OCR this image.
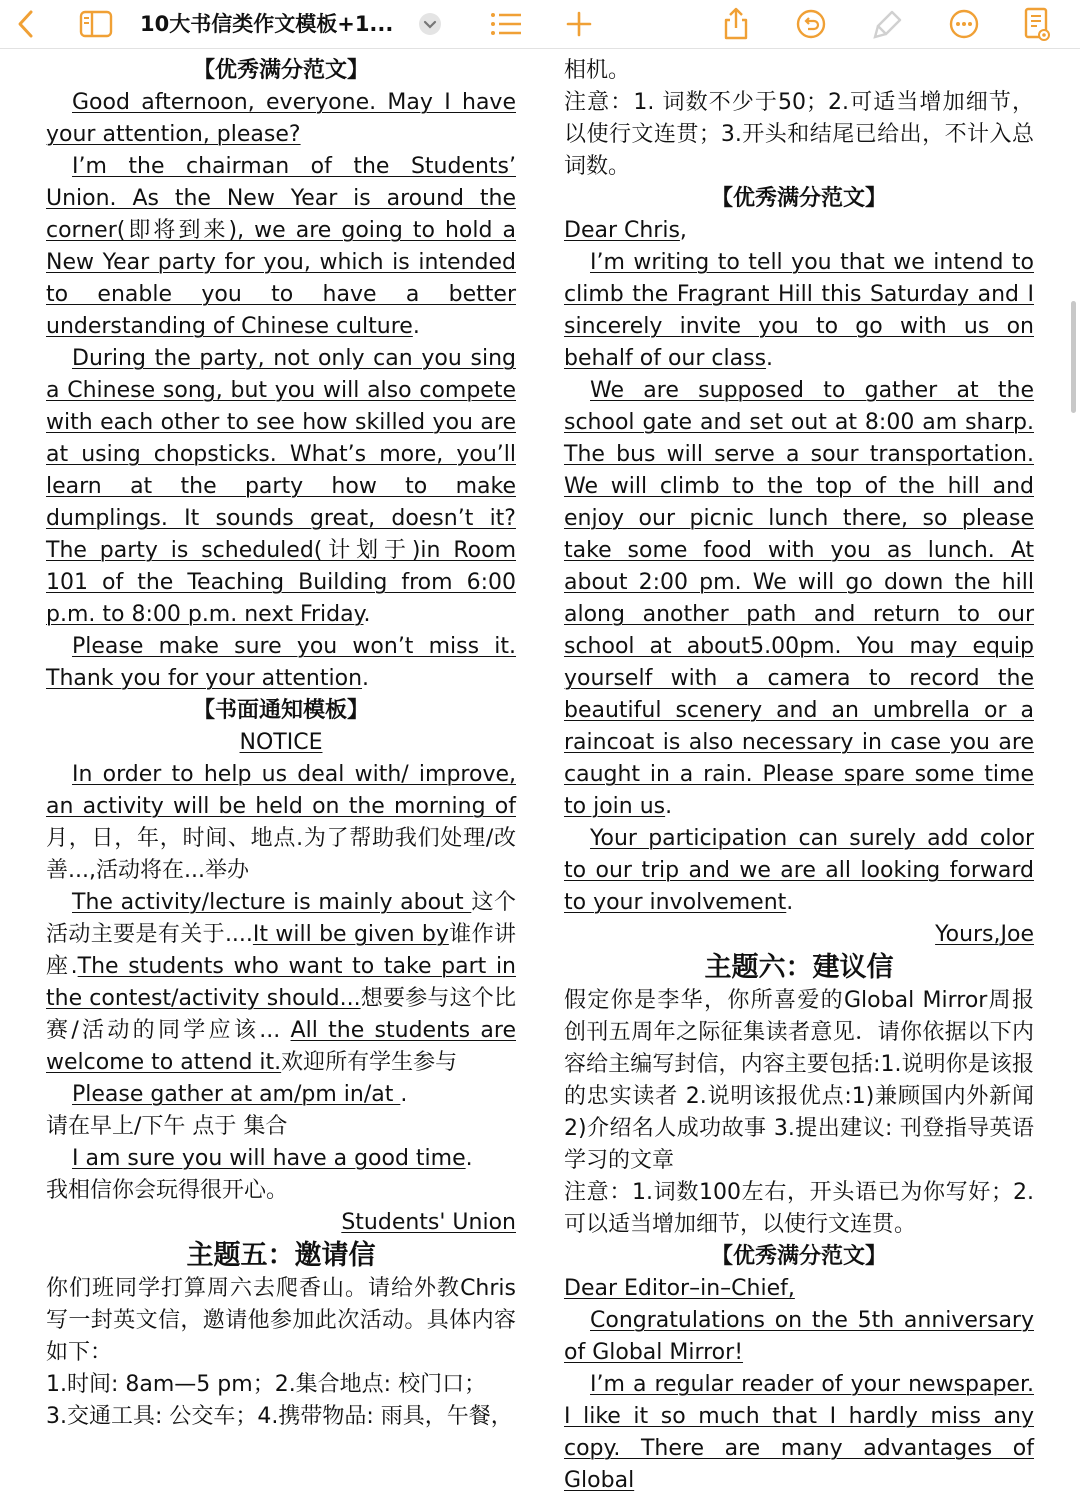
10大书信类作文模板+1...

【优秀满分范文】

Good afternoon, everyone. May I have your attention, please?

I’m the chairman of the Students’ Union. As the New Year is around the corner(即将到来), we are going to hold a New Year party for you, which is intended to enable you to have a better understanding of Chinese culture.

During the party, not only can you sing a Chinese song, but you will also compete with each other to see how skilled you are at using chopsticks. What’s more, you’ll learn at the party how to make dumplings. It sounds great, doesn’t it? The party is scheduled(计划于)in Room 101 of the Teaching Building from 6:00 p.m. to 8:00 p.m. next Friday.

Please make sure you won’t miss it. Thank you for your attention.

【书面通知模板】

NOTICE

In order to help us deal with/ improve, an activity will be held on the morning of月，日，年，时间、地点.为了帮助我们处理/改善...,活动将在...举办

The activity/lecture is mainly about 这个活动主要是有关于....It will be given by谁作讲座.The students who want to take part in the contest/activity should...想要参与这个比赛/活动的同学应该... All the students are welcome to attend it.欢迎所有学生参与

Please gather at am/pm in/at .

请在早上/下午 点于 集合

I am sure you will have a good time.

我相信你会玩得很开心。

Students' Union

主题五：邀请信

你们班同学打算周六去爬香山。请给外教Chris写一封英文信，邀请他参加此次活动。具体内容如下：

1.时间: 8am—5 pm；2.集合地点: 校门口；

3.交通工具: 公交车；4.携带物品: 雨具，午餐，

相机。

注意：1. 词数不少于50；2.可适当增加细节，以使行文连贯；3.开头和结尾已给出，不计入总词数。

【优秀满分范文】

Dear Chris,

I’m writing to tell you that we intend to climb the Fragrant Hill this Saturday and I sincerely invite you to go with us on behalf of our class.

We are supposed to gather at the school gate and set out at 8:00 am sharp. The bus will serve a sour transportation. We will climb to the top of the hill and enjoy our picnic lunch there, so please take some food with you as lunch. At about 2:00 pm. We will go down the hill along another path and return to our school at about5.00pm. You may equip yourself with a camera to record the beautiful scenery and an umbrella or a raincoat is also necessary in case you are caught in a rain. Please spare some time to join us.

Your participation can surely add color to our trip and we are all looking forward to your involvement.

Yours,Joe

主题六：建议信

假定你是李华，你所喜爱的Global Mirror周报创刊五周年之际征集读者意见．请你依据以下内容给主编写封信，内容主要包括:1.说明你是该报的忠实读者 2.说明该报优点:1)兼顾国内外新闻2)介绍名人成功故事 3.提出建议: 刊登指导英语学习的文章

注意：1.词数100左右，开头语已为你写好；2.可以适当增加细节，以使行文连贯。

【优秀满分范文】

Dear Editor–in–Chief,

Congratulations on the 5th anniversary of Global Mirror!

I’m a regular reader of your newspaper. I like it so much that I hardly miss any copy. There are many advantages of Global
